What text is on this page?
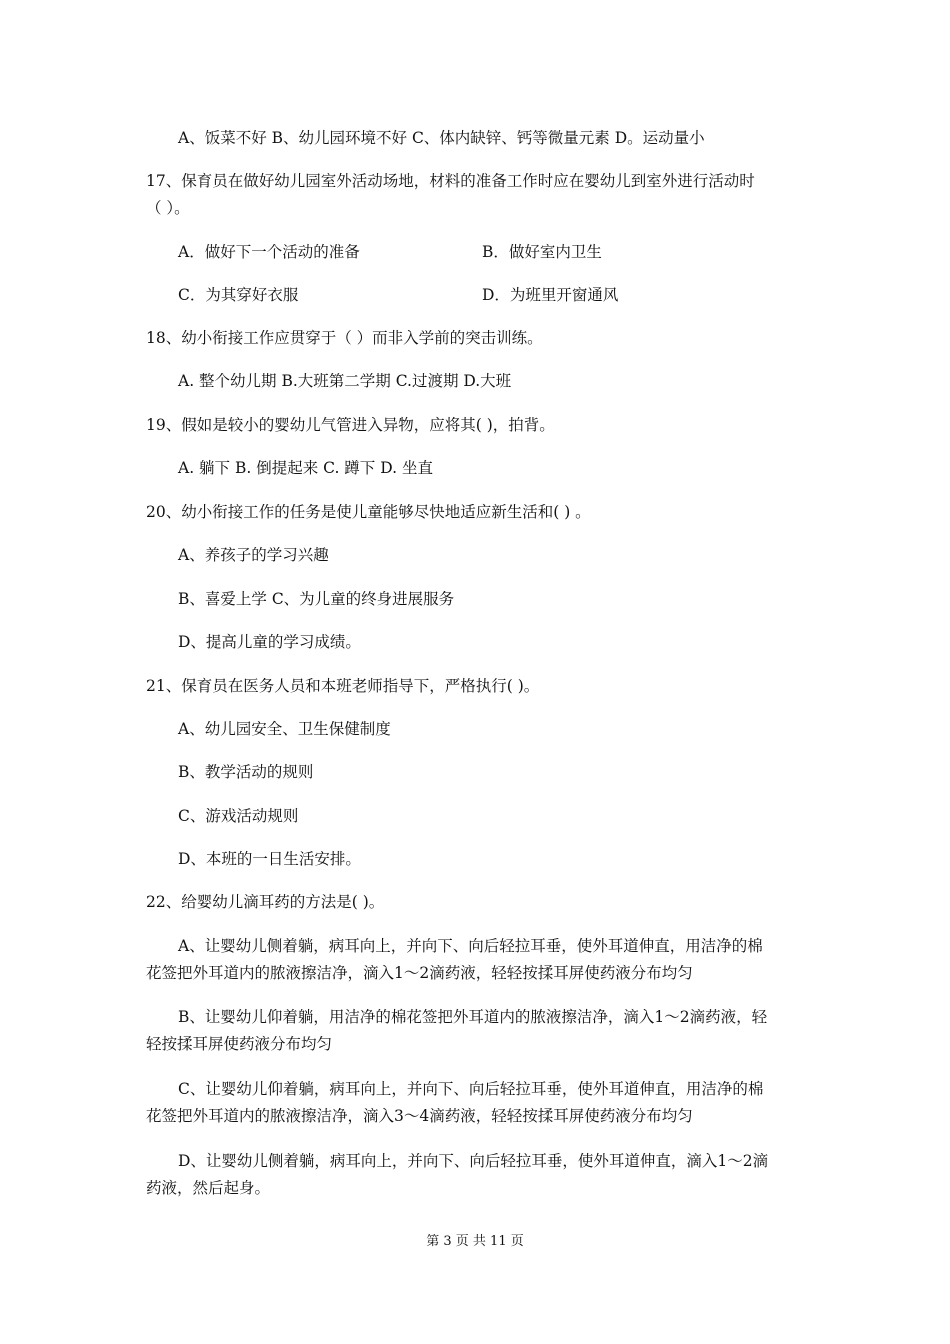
A、饭菜不好 B、幼儿园环境不好 C、体内缺锌、钙等微量元素 D。运动量小
17、保育员在做好幼儿园室外活动场地，材料的准备工作时应在婴幼儿到室外进行活动时
（ ）。
A．做好下一个活动的准备	B．做好室内卫生
C．为其穿好衣服	D．为班里开窗通风
18、幼小衔接工作应贯穿于（ ）而非入学前的突击训练。
A. 整个幼儿期 B.大班第二学期 C.过渡期 D.大班
19、假如是较小的婴幼儿气管进入异物，应将其( )，拍背。
A. 躺下 B. 倒提起来 C. 蹲下 D. 坐直
20、幼小衔接工作的任务是使儿童能够尽快地适应新生活和( ) 。
A、养孩子的学习兴趣
B、喜爱上学 C、为儿童的终身进展服务
D、提高儿童的学习成绩。
21、保育员在医务人员和本班老师指导下，严格执行( )。
A、幼儿园安全、卫生保健制度
B、教学活动的规则
C、游戏活动规则
D、本班的一日生活安排。
22、给婴幼儿滴耳药的方法是( )。
A、让婴幼儿侧着躺，病耳向上，并向下、向后轻拉耳垂，使外耳道伸直，用洁净的棉
花签把外耳道内的脓液擦洁净，滴入1～2滴药液，轻轻按揉耳屏使药液分布均匀
B、让婴幼儿仰着躺，用洁净的棉花签把外耳道内的脓液擦洁净，滴入1～2滴药液，轻
轻按揉耳屏使药液分布均匀
C、让婴幼儿仰着躺，病耳向上，并向下、向后轻拉耳垂，使外耳道伸直，用洁净的棉
花签把外耳道内的脓液擦洁净，滴入3～4滴药液，轻轻按揉耳屏使药液分布均匀
D、让婴幼儿侧着躺，病耳向上，并向下、向后轻拉耳垂，使外耳道伸直，滴入1～2滴
药液，然后起身。
第 3 页 共 11 页
